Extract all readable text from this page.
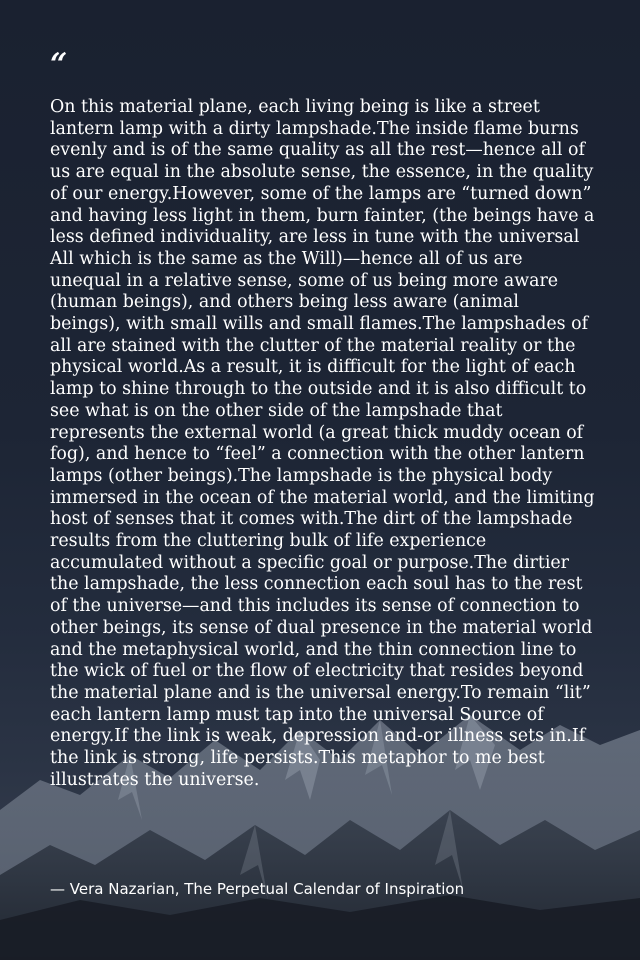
“

On this material plane, each living being is like a street lantern lamp with a dirty lampshade.The inside flame burns evenly and is of the same quality as all the rest—hence all of us are equal in the absolute sense, the essence, in the quality of our energy.However, some of the lamps are “turned down” and having less light in them, burn fainter, (the beings have a less defined individuality, are less in tune with the universal All which is the same as the Will)—hence all of us are unequal in a relative sense, some of us being more aware (human beings), and others being less aware (animal beings), with small wills and small flames.The lampshades of all are stained with the clutter of the material reality or the physical world.As a result, it is difficult for the light of each lamp to shine through to the outside and it is also difficult to see what is on the other side of the lampshade that represents the external world (a great thick muddy ocean of fog), and hence to “feel” a connection with the other lantern lamps (other beings).The lampshade is the physical body immersed in the ocean of the material world, and the limiting host of senses that it comes with.The dirt of the lampshade results from the cluttering bulk of life experience accumulated without a specific goal or purpose.The dirtier the lampshade, the less connection each soul has to the rest of the universe—and this includes its sense of connection to other beings, its sense of dual presence in the material world and the metaphysical world, and the thin connection line to the wick of fuel or the flow of electricity that resides beyond the material plane and is the universal energy.To remain “lit” each lantern lamp must tap into the universal Source of energy.If the link is weak, depression and-or illness sets in.If the link is strong, life persists.This metaphor to me best illustrates the universe.

— Vera Nazarian, The Perpetual Calendar of Inspiration
